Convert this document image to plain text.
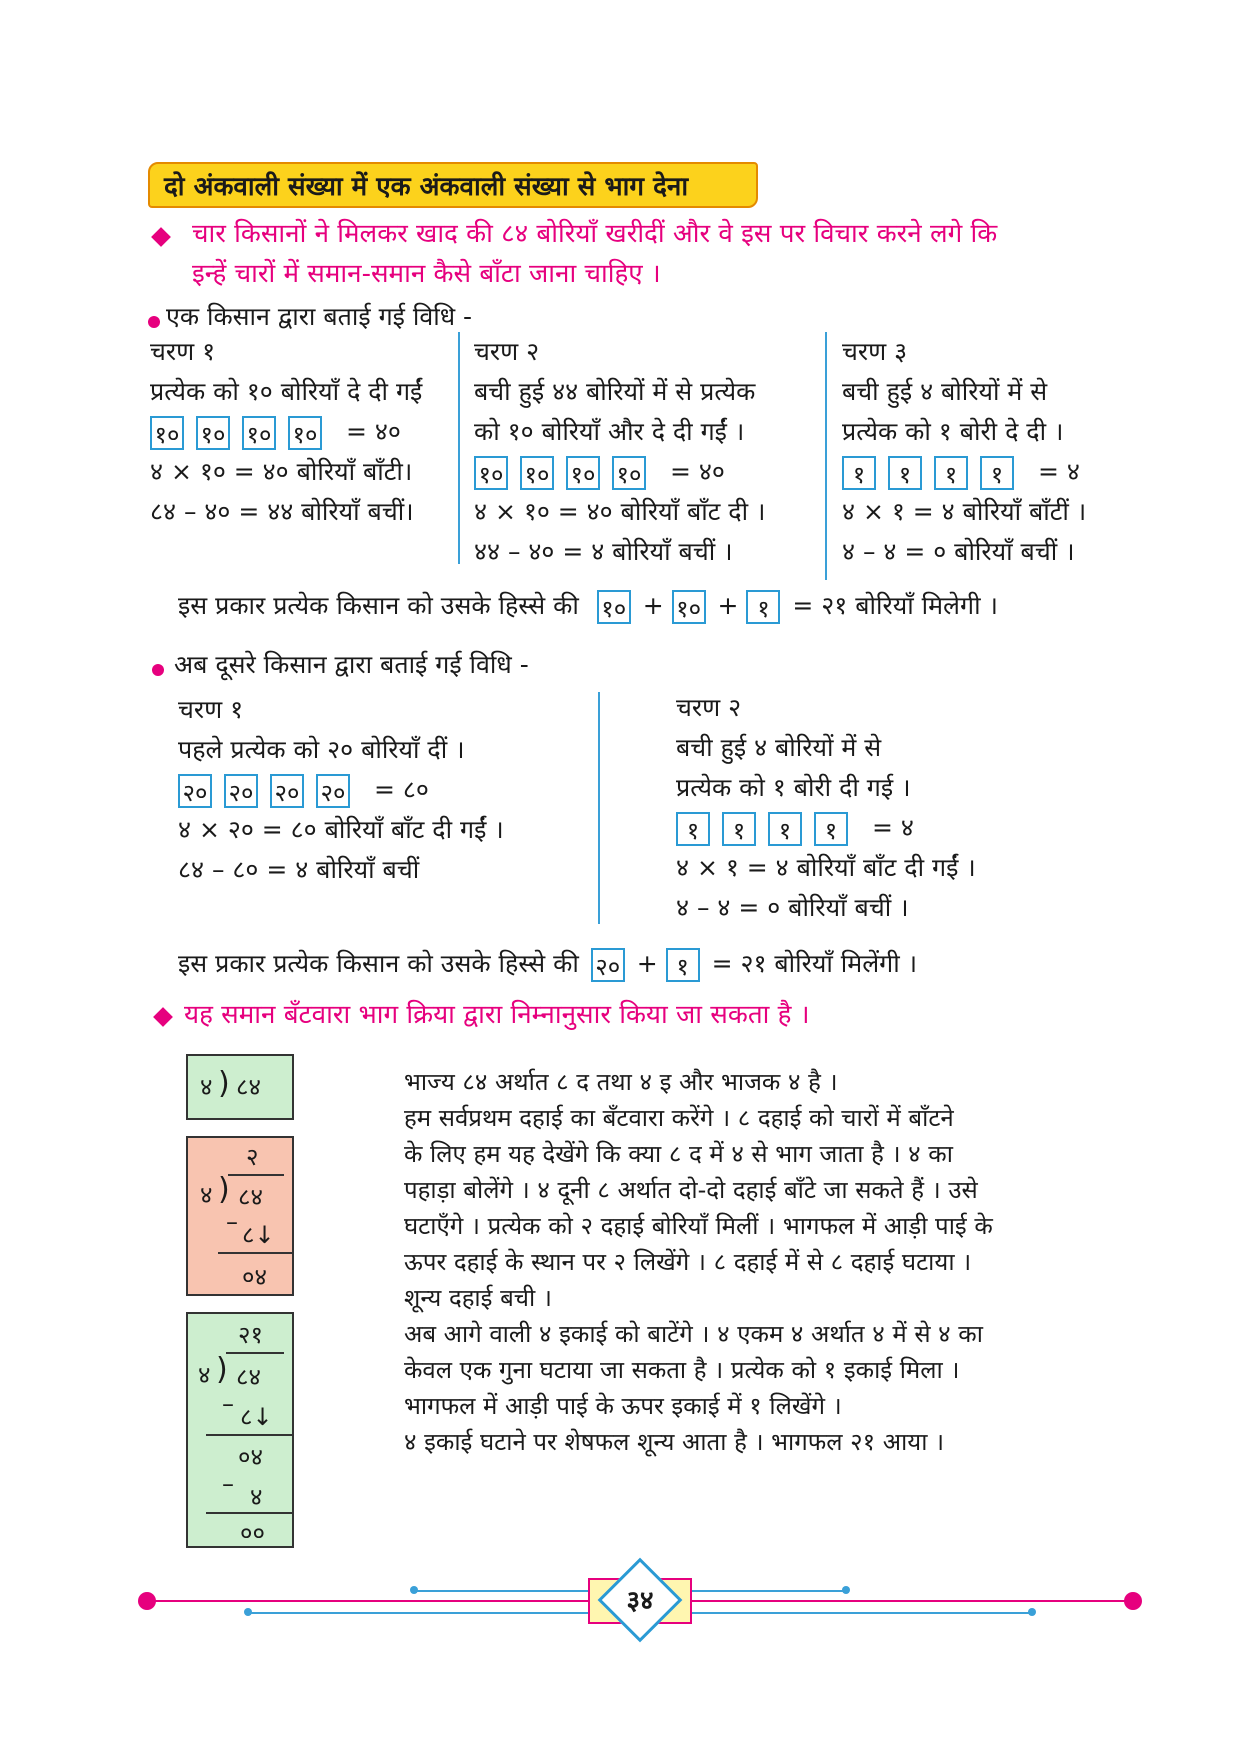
दो अंकवाली संख्या में एक अंकवाली संख्या से भाग देना
चार किसानों ने मिलकर खाद की ८४ बोरियाँ खरीदीं और वे इस पर विचार करने लगे कि
इन्हें चारों में समान-समान कैसे बाँटा जाना चाहिए ।
एक किसान द्वारा बताई गई विधि -
चरण १
प्रत्येक को १० बोरियाँ दे दी गईं
१० १० १० १० = ४०
४ × १० = ४० बोरियाँ बाँटी।
८४ – ४० = ४४ बोरियाँ बचीं।
चरण २
बची हुई ४४ बोरियों में से प्रत्येक
को १० बोरियाँ और दे दी गईं ।
१० १० १० १० = ४०
४ × १० = ४० बोरियाँ बाँट दी ।
४४ – ४० = ४ बोरियाँ बचीं ।
चरण ३
बची हुई ४ बोरियों में से
प्रत्येक को १ बोरी दे दी ।
१ १ १ १ = ४
४ × १ = ४ बोरियाँ बाँटीं ।
४ – ४ = ० बोरियाँ बचीं ।
इस प्रकार प्रत्येक किसान को उसके हिस्से की १० + १० + १ = २१ बोरियाँ मिलेगी ।
अब दूसरे किसान द्वारा बताई गई विधि -
चरण १
पहले प्रत्येक को २० बोरियाँ दीं ।
२० २० २० २० = ८०
४ × २० = ८० बोरियाँ बाँट दी गईं ।
८४ – ८० = ४ बोरियाँ बचीं
चरण २
बची हुई ४ बोरियों में से
प्रत्येक को १ बोरी दी गई ।
१ १ १ १ = ४
४ × १ = ४ बोरियाँ बाँट दी गईं ।
४ – ४ = ० बोरियाँ बचीं ।
इस प्रकार प्रत्येक किसान को उसके हिस्से की २० + १ = २१ बोरियाँ मिलेंगी ।
यह समान बँटवारा भाग क्रिया द्वारा निम्नानुसार किया जा सकता है ।
४ ) ८४
२
४ ) ८४
– ८↓
०४
२१
४ ) ८४
– ८↓
०४
– ४
००
भाज्य ८४ अर्थात ८ द तथा ४ इ और भाजक ४ है ।
हम सर्वप्रथम दहाई का बँटवारा करेंगे । ८ दहाई को चारों में बाँटने
के लिए हम यह देखेंगे कि क्या ८ द में ४ से भाग जाता है । ४ का
पहाड़ा बोलेंगे । ४ दूनी ८ अर्थात दो-दो दहाई बाँटे जा सकते हैं । उसे
घटाएँगे । प्रत्येक को २ दहाई बोरियाँ मिलीं । भागफल में आड़ी पाई के
ऊपर दहाई के स्थान पर २ लिखेंगे । ८ दहाई में से ८ दहाई घटाया ।
शून्य दहाई बची ।
अब आगे वाली ४ इकाई को बाटेंगे । ४ एकम ४ अर्थात ४ में से ४ का
केवल एक गुना घटाया जा सकता है । प्रत्येक को १ इकाई मिला ।
भागफल में आड़ी पाई के ऊपर इकाई में १ लिखेंगे ।
४ इकाई घटाने पर शेषफल शून्य आता है । भागफल २१ आया ।
३४
